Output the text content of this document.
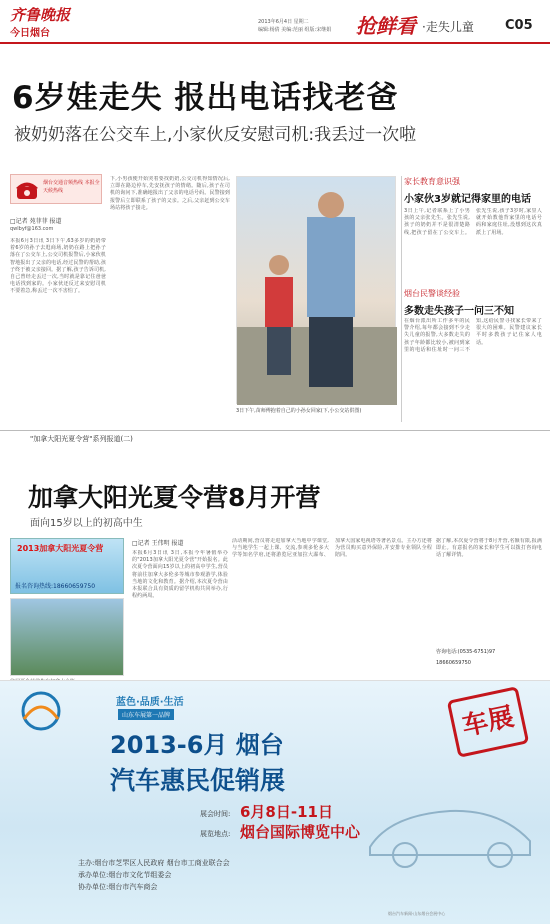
齐鲁晚报
今日烟台
2013年6月4日 星期二
编辑:杨倩 美编:范丽 组版:宋继娟 抢鲜看 ·走失儿童 C05
6岁娃走失 报出电话找老爸
被奶奶落在公交车上,小家伙反安慰司机:我丢过一次啦
烟台交通音频热线 本报全天候热线
□记者 苑菲菲 报道
qwlbyf@163.com
本报6月3日讯 3日下午,63多岁的奶奶带着6岁的孙子去逛商场,奶奶在路上把孙子落在了公交车上,公交司机报警后,小家伙机智地报出了父亲的电话,经过民警的帮助,孩子终于被父亲接回。据了解,孩子告诉司机,自己曾经走丢过一次,当时就是靠记住爸爸电话找到家的。小家伙还反过来安慰司机不要着急,称丢过一次不害怕了。
下,小男孩便开始哭着要找奶奶,公交司机得知情况后,立即在路边停车,先安抚孩子的情绪。随后,孩子在司机的询问下,准确地报出了父亲的电话号码。民警接到报警后立即联系了孩子的父亲。之后,父亲赶到公交车场站将孩子接走。
3日下午,苗师傅抱着自己的小孙女回家(下,小公交站供图)
家长教育意识强
小家伙3岁就记得家里的电话
3日上午,记者联系上了小男孩的父亲张先生。张先生说,孩子的奶奶并不是很清楚路线,把孩子留在了公交车上。张先生说,孩子3岁时,家里人就开始教他背家里的电话号码和家庭住址,没想到这次真派上了用场。
烟台民警谈经验
多数走失孩子一问三不知
在烟台派出所工作多年的民警介绍,每年都会接到不少走失儿童的报警,大多数走失的孩子年龄都比较小,被问到家里的电话和住址时一问三不知,这给民警寻找家长带来了很大的困难。民警建议家长平时多教孩子记住家人电话。
"加拿大阳光夏令营"系列报道(二)
加拿大阳光夏令营8月开营
面向15岁以上的初高中生
2013加拿大阳光夏令营
报名咨询热线:18660659750
□记者 王伟明 报道
本报6月3日讯 3日,本报今年暑假举办的"2013加拿大阳光夏令营"开始报名。此次夏令营面向15岁以上的初高中学生,营员将前往加拿大多伦多等城市参观游学,体验当地的文化和教育。据介绍,本次夏令营由本报联合具有资质的留学机构共同举办,行程约两周。
活动期间,营员将走进加拿大当地中学课堂,与当地学生一起上课、交流,参观多伦多大学等知名学府,还将游览尼亚加拉大瀑布、加拿大国家电视塔等著名景点。主办方还将为营员购买意外保险,并安排专业领队全程陪同。
据了解,本次夏令营将于8月开营,名额有限,报满即止。有意报名的家长和学生可以拨打咨询电话了解详情。
咨询电话:(0535-6751)97
18660659750
蓝色·品质·生活
山东车展第一品牌
2013-6月 烟台
汽车惠民促销展
车展
展会时间: 6月8日-11日
展览地点: 烟台国际博览中心
主办:烟台市芝罘区人民政府 烟台市工商业联合会
承办单位:烟台市文化节组委会
协办单位:烟台市汽车商会
烟台汽车新闻·山东烟台会展中心
